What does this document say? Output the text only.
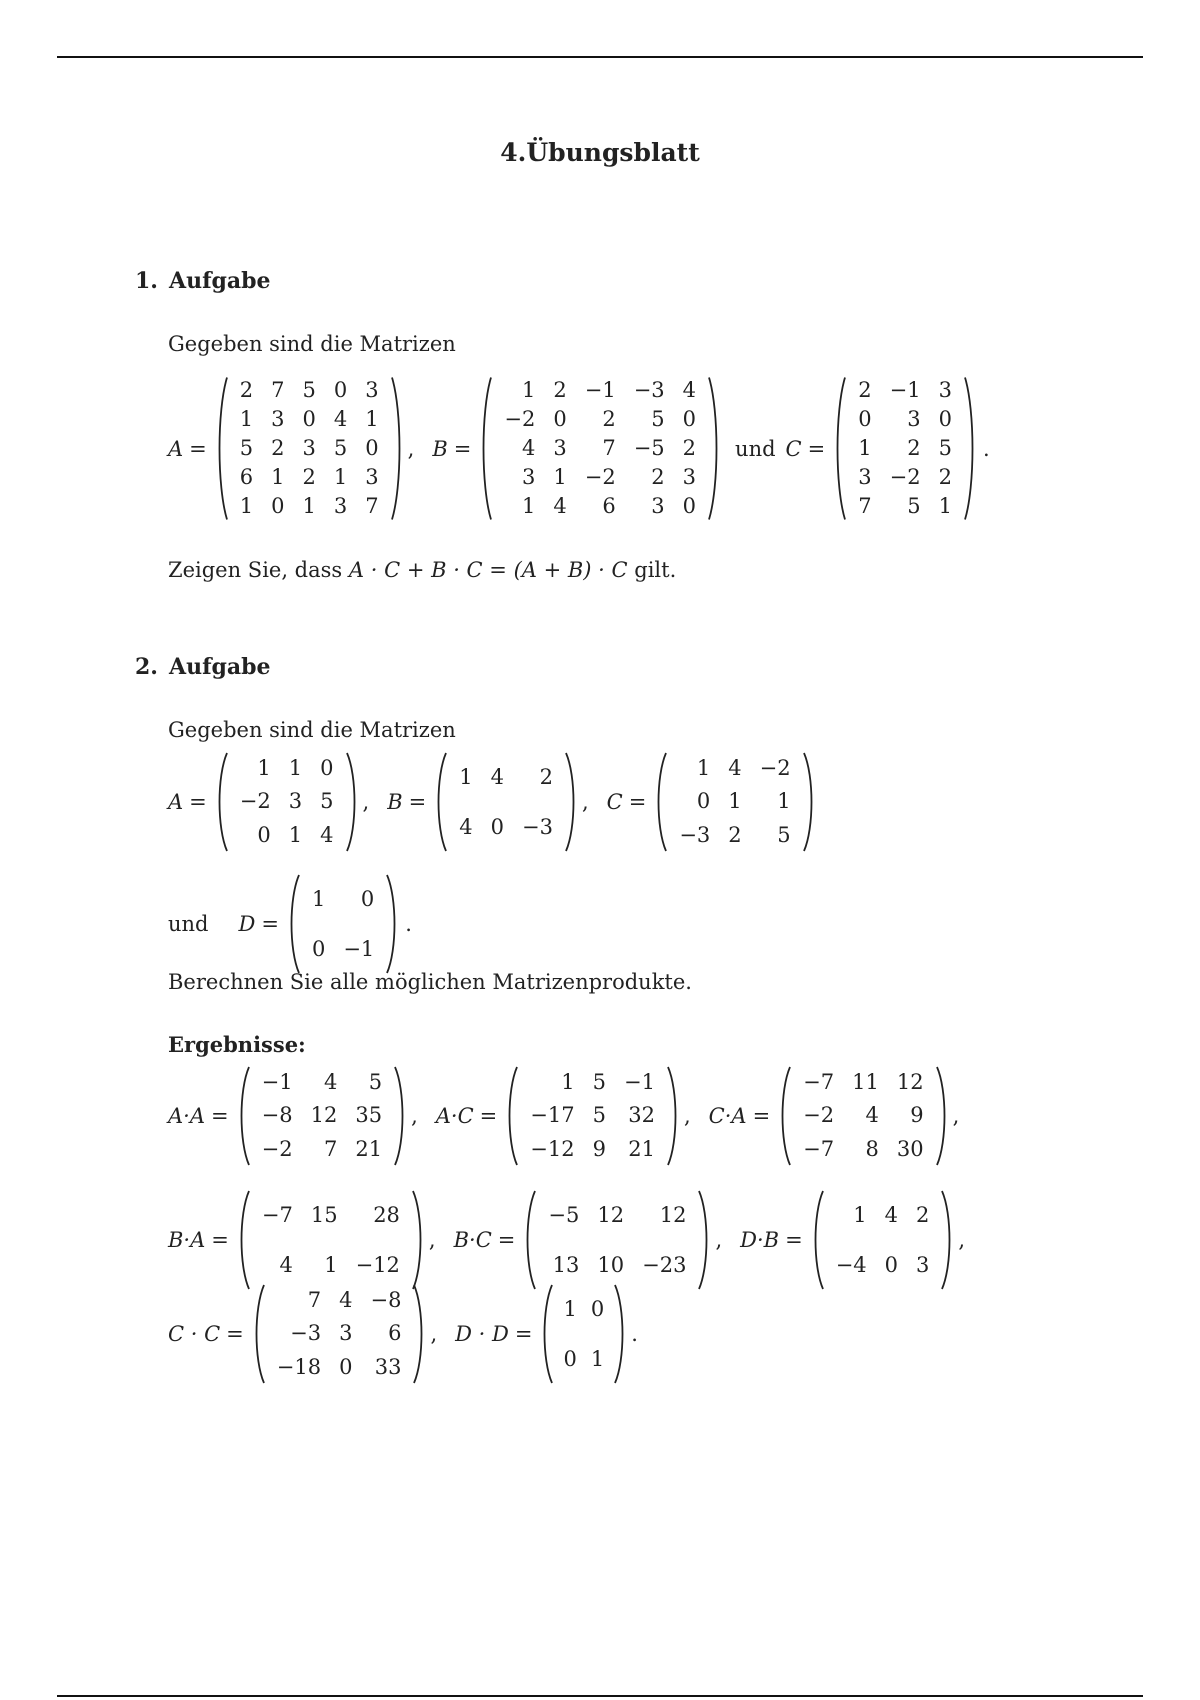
4.Übungsblatt
1. Aufgabe
Gegeben sind die Matrizen
A =
2	7	5	0	3
1	3	0	4	1
5	2	3	5	0
6	1	2	1	3
1	0	1	3	7
, B =
1	2	−1	−3	4
−2	0	2	5	0
4	3	7	−5	2
3	1	−2	2	3
1	4	6	3	0
und C =
2	−1	3
0	3	0
1	2	5
3	−2	2
7	5	1
.
Zeigen Sie, dass A · C + B · C = (A + B) · C gilt.
2. Aufgabe
Gegeben sind die Matrizen
A =
1	1	0
−2	3	5
0	1	4
, B =
1	4	2
4	0	−3
, C =
1	4	−2
0	1	1
−3	2	5
und D =
1	0
0	−1
.
Berechnen Sie alle möglichen Matrizenprodukte.
Ergebnisse:
A·A =
−1	4	5
−8	12	35
−2	7	21
, A·C =
1	5	−1
−17	5	32
−12	9	21
, C·A =
−7	11	12
−2	4	9
−7	8	30
,
B·A =
−7	15	28
4	1	−12
, B·C =
−5	12	12
13	10	−23
, D·B =
1	4	2
−4	0	3
,
C · C =
7	4	−8
−3	3	6
−18	0	33
, D · D =
1	0
0	1
.
